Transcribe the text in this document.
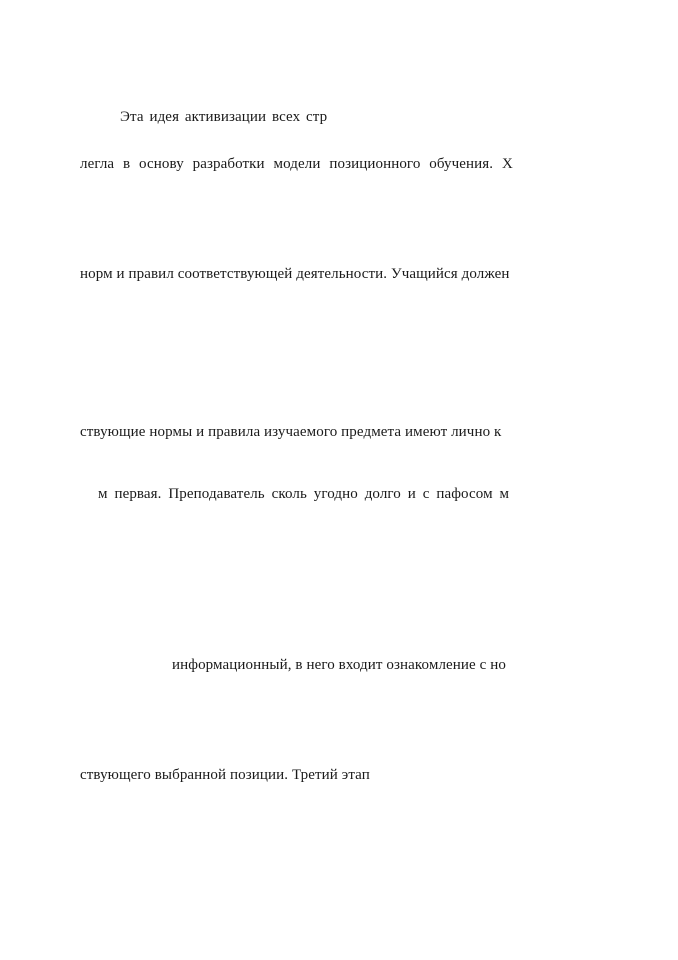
Эта идея активизации всех стр
легла в основу разработки модели позиционного обучения. Х
норм и правил соответствующей деятельности. Учащийся должен
ствующие нормы и правила изучаемого предмета имеют лично к
м первая. Преподаватель сколь угодно долго и с пафосом м
информационный, в него входит ознакомление с но
ствующего выбранной позиции. Третий этап
